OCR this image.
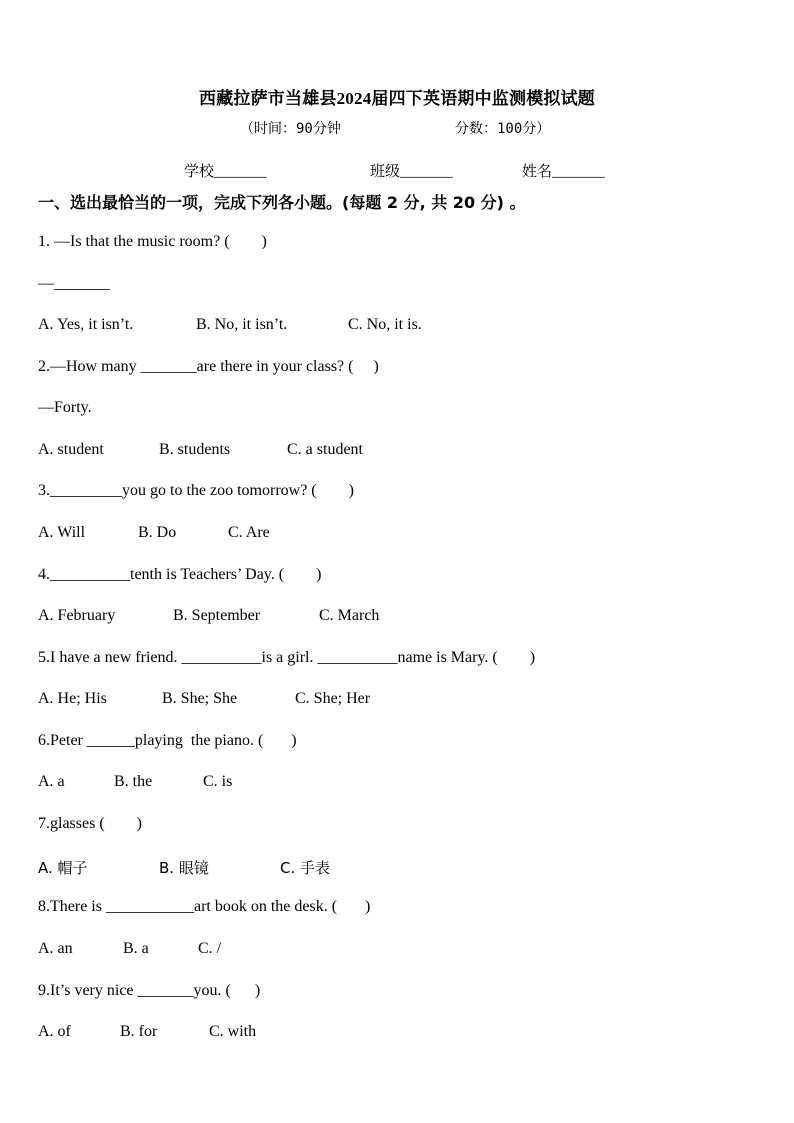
西藏拉萨市当雄县2024届四下英语期中监测模拟试题
（时间：90分钟	分数：100分）
学校_______	班级_______	姓名_______
一、选出最恰当的一项，完成下列各小题。(每题 2 分, 共 20 分) 。
1. —Is that the music room? (        )
—_______
A. Yes, it isn’t.	B. No, it isn’t.	C. No, it is.
2.—How many _______are there in your class? (     )
—Forty.
A. student	B. students	C. a student
3._________you go to the zoo tomorrow? (        )
A. Will	B. Do	C. Are
4.__________tenth is Teachers’ Day. (        )
A. February	B. September	C. March
5.I have a new friend. __________is a girl. __________name is Mary. (        )
A. He; His	B. She; She	C. She; Her
6.Peter ______playing  the piano. (       )
A. a	B. the	C. is
7.glasses (        )
A. 帽子	B. 眼镜	C. 手表
8.There is ___________art book on the desk. (       )
A. an	B. a	C. /
9.It’s very nice _______you. (      )
A. of	B. for	C. with
